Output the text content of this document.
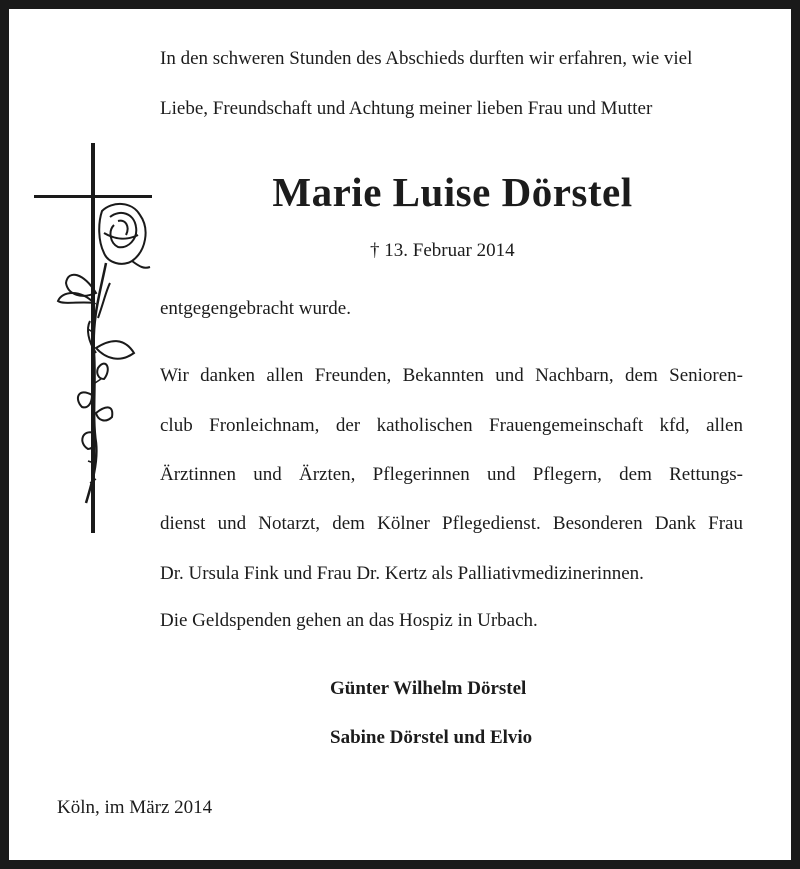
In den schweren Stunden des Abschieds durften wir erfahren, wie viel
Liebe, Freundschaft und Achtung meiner lieben Frau und Mutter
Marie Luise Dörstel
† 13. Februar 2014
entgegengebracht wurde.
Wir danken allen Freunden, Bekannten und Nachbarn, dem Senioren-
club Fronleichnam, der katholischen Frauengemeinschaft kfd, allen
Ärztinnen und Ärzten, Pflegerinnen und Pflegern, dem Rettungs-
dienst und Notarzt, dem Kölner Pflegedienst. Besonderen Dank Frau
Dr. Ursula Fink und Frau Dr. Kertz als Palliativmedizinerinnen.
Die Geldspenden gehen an das Hospiz in Urbach.
Günter Wilhelm Dörstel
Sabine Dörstel und Elvio
Köln, im März 2014
